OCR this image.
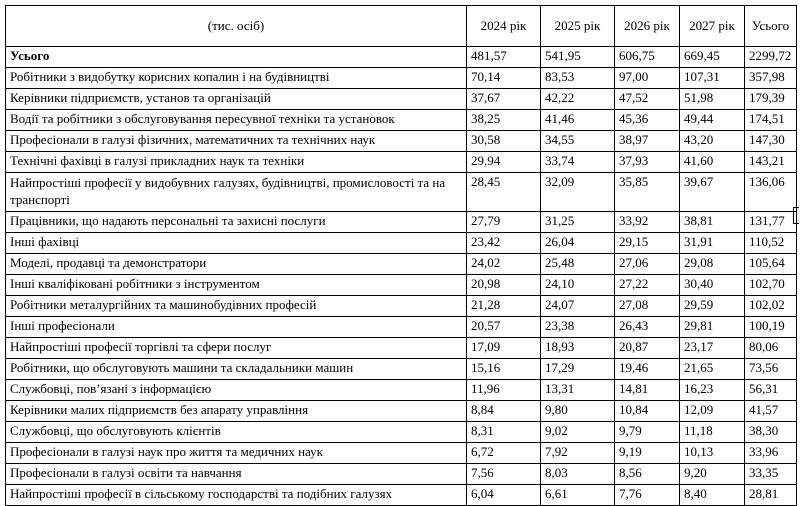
(тис. осіб)	2024 рік	2025 рік	2026 рік	2027 рік	Усього
Усього	481,57	541,95	606,75	669,45	2299,72
Робітники з видобутку корисних копалин і на будівництві	70,14	83,53	97,00	107,31	357,98
Керівники підприємств, установ та організацій	37,67	42,22	47,52	51,98	179,39
Водії та робітники з обслуговування пересувної техніки та установок	38,25	41,46	45,36	49,44	174,51
Професіонали в галузі фізичних, математичних та технічних наук	30,58	34,55	38,97	43,20	147,30
Технічні фахівці в галузі прикладних наук та техніки	29,94	33,74	37,93	41,60	143,21
Найпростіші професії у видобувних галузях, будівництві, промисловості та на транспорті	28,45	32,09	35,85	39,67	136,06
Працівники, що надають персональні та захисні послуги	27,79	31,25	33,92	38,81	131,77
Інші фахівці	23,42	26,04	29,15	31,91	110,52
Моделі, продавці та демонстратори	24,02	25,48	27,06	29,08	105,64
Інші кваліфіковані робітники з інструментом	20,98	24,10	27,22	30,40	102,70
Робітники металургійних та машинобудівних професій	21,28	24,07	27,08	29,59	102,02
Інші професіонали	20,57	23,38	26,43	29,81	100,19
Найпростіші професії торгівлі та сфери послуг	17,09	18,93	20,87	23,17	80,06
Робітники, що обслуговують машини та складальники машин	15,16	17,29	19,46	21,65	73,56
Службовці, пов’язані з інформацією	11,96	13,31	14,81	16,23	56,31
Керівники малих підприємств без апарату управління	8,84	9,80	10,84	12,09	41,57
Службовці, що обслуговують клієнтів	8,31	9,02	9,79	11,18	38,30
Професіонали в галузі наук про життя та медичних наук	6,72	7,92	9,19	10,13	33,96
Професіонали в галузі освіти та навчання	7,56	8,03	8,56	9,20	33,35
Найпростіші професії в сільському господарстві та подібних галузях	6,04	6,61	7,76	8,40	28,81
